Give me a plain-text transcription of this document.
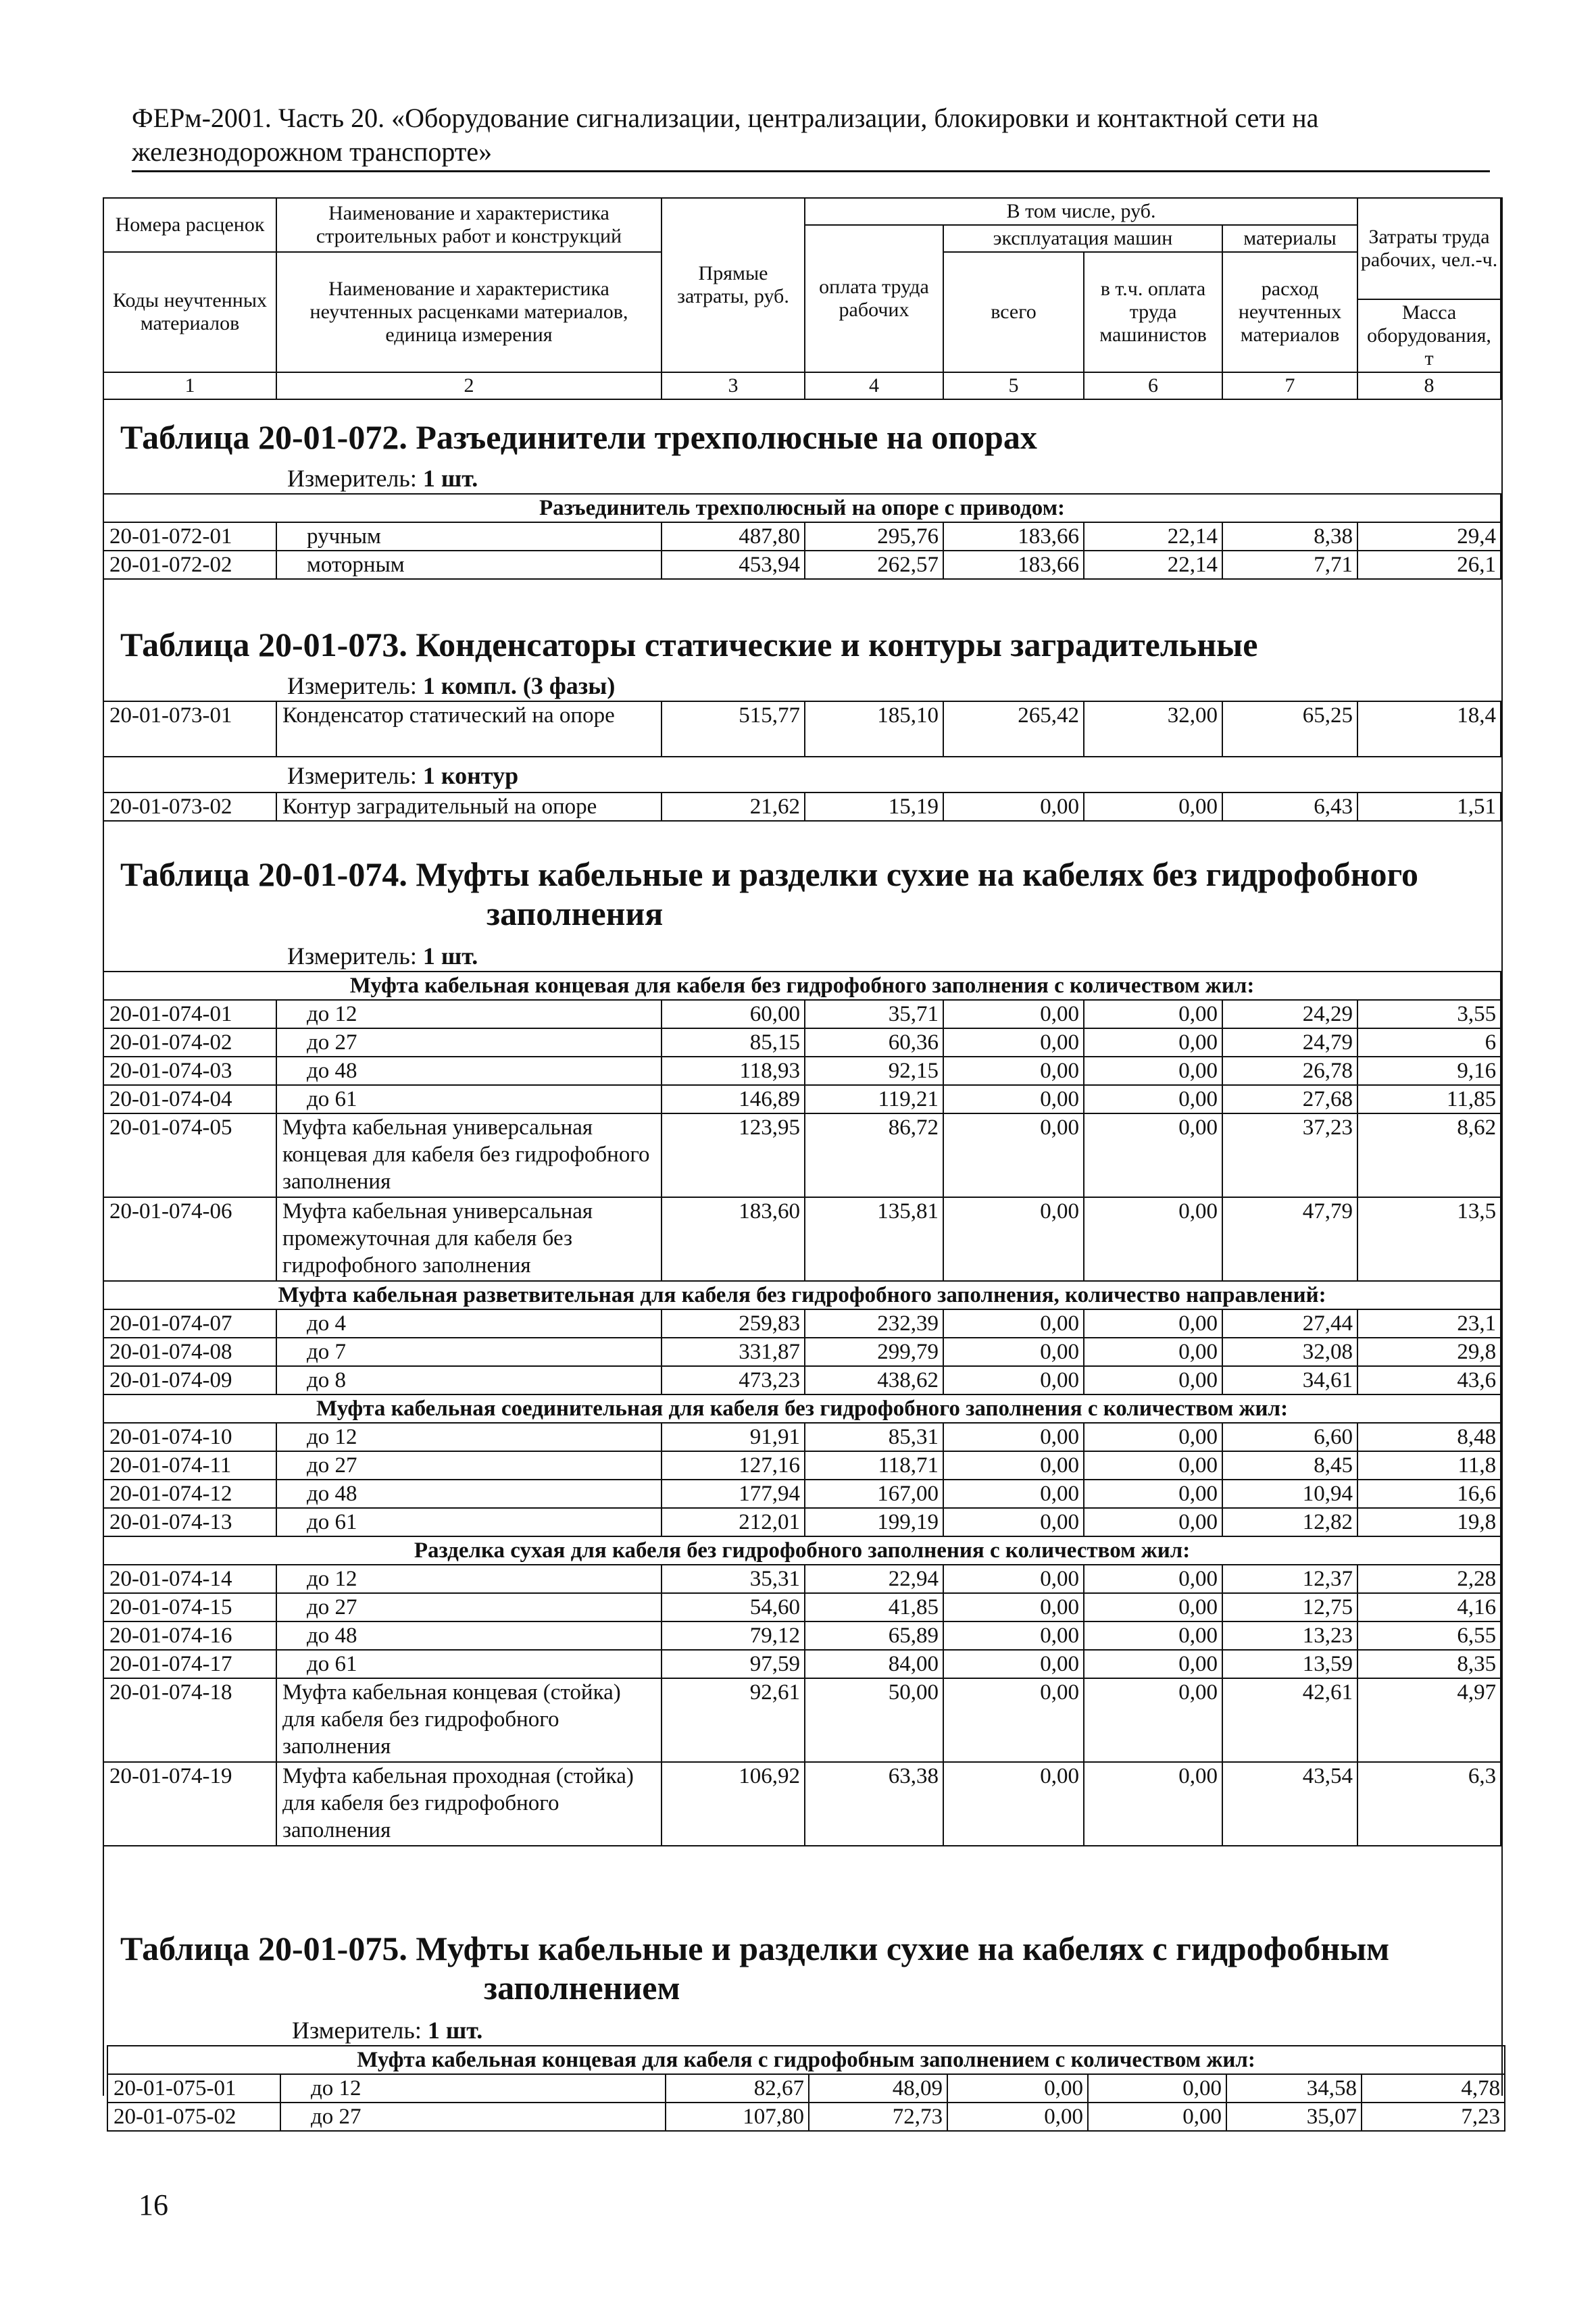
ФЕРм-2001. Часть 20. «Оборудование сигнализации, централизации, блокировки и контактной сети на железнодорожном транспорте»
Номера расценок	Наименование и характеристика строительных работ и конструкций	Прямые затраты, руб.	В том числе, руб.				Затраты труда рабочих, чел.-ч.
			оплата труда рабочих	эксплуатация машин		материалы	
Коды неучтенных материалов	Наименование и характеристика неучтенных расценками материалов, единица измерения			всего	в т.ч. оплата труда машинистов	расход неучтенных материалов	
							Масса оборудования, т
1	2	3	4	5	6	7	8
Таблица 20-01-072. Разъединители трехполюсные на опорах
Измеритель: 1 шт.
Разъединитель трехполюсный на опоре с приводом:							
20-01-072-01	ручным	487,80	295,76	183,66	22,14	8,38	29,4
20-01-072-02	моторным	453,94	262,57	183,66	22,14	7,71	26,1
Таблица 20-01-073. Конденсаторы статические и контуры заградительные
Измеритель: 1 компл. (3 фазы)
20-01-073-01	Конденсатор статический на опоре	515,77	185,10	265,42	32,00	65,25	18,4
Измеритель: 1 контур
20-01-073-02	Контур заградительный на опоре	21,62	15,19	0,00	0,00	6,43	1,51
Таблица 20-01-074. Муфты кабельные и разделки сухие на кабелях без гидрофобного
заполнения
Измеритель: 1 шт.
Муфта кабельная концевая для кабеля без гидрофобного заполнения с количеством жил:							
20-01-074-01	до 12	60,00	35,71	0,00	0,00	24,29	3,55
20-01-074-02	до 27	85,15	60,36	0,00	0,00	24,79	6
20-01-074-03	до 48	118,93	92,15	0,00	0,00	26,78	9,16
20-01-074-04	до 61	146,89	119,21	0,00	0,00	27,68	11,85
20-01-074-05	Муфта кабельная универсальная концевая для кабеля без гидрофобного заполнения	123,95	86,72	0,00	0,00	37,23	8,62
20-01-074-06	Муфта кабельная универсальная промежуточная для кабеля без гидрофобного заполнения	183,60	135,81	0,00	0,00	47,79	13,5
Муфта кабельная разветвительная для кабеля без гидрофобного заполнения, количество направлений:							
20-01-074-07	до 4	259,83	232,39	0,00	0,00	27,44	23,1
20-01-074-08	до 7	331,87	299,79	0,00	0,00	32,08	29,8
20-01-074-09	до 8	473,23	438,62	0,00	0,00	34,61	43,6
Муфта кабельная соединительная для кабеля без гидрофобного заполнения с количеством жил:							
20-01-074-10	до 12	91,91	85,31	0,00	0,00	6,60	8,48
20-01-074-11	до 27	127,16	118,71	0,00	0,00	8,45	11,8
20-01-074-12	до 48	177,94	167,00	0,00	0,00	10,94	16,6
20-01-074-13	до 61	212,01	199,19	0,00	0,00	12,82	19,8
Разделка сухая для кабеля без гидрофобного заполнения с количеством жил:							
20-01-074-14	до 12	35,31	22,94	0,00	0,00	12,37	2,28
20-01-074-15	до 27	54,60	41,85	0,00	0,00	12,75	4,16
20-01-074-16	до 48	79,12	65,89	0,00	0,00	13,23	6,55
20-01-074-17	до 61	97,59	84,00	0,00	0,00	13,59	8,35
20-01-074-18	Муфта кабельная концевая (стойка) для кабеля без гидрофобного заполнения	92,61	50,00	0,00	0,00	42,61	4,97
20-01-074-19	Муфта кабельная проходная (стойка) для кабеля без гидрофобного заполнения	106,92	63,38	0,00	0,00	43,54	6,3
Таблица 20-01-075. Муфты кабельные и разделки сухие на кабелях с гидрофобным
заполнением
Измеритель: 1 шт.
Муфта кабельная концевая для кабеля с гидрофобным заполнением с количеством жил:							
20-01-075-01	до 12	82,67	48,09	0,00	0,00	34,58	4,78
20-01-075-02	до 27	107,80	72,73	0,00	0,00	35,07	7,23
16
